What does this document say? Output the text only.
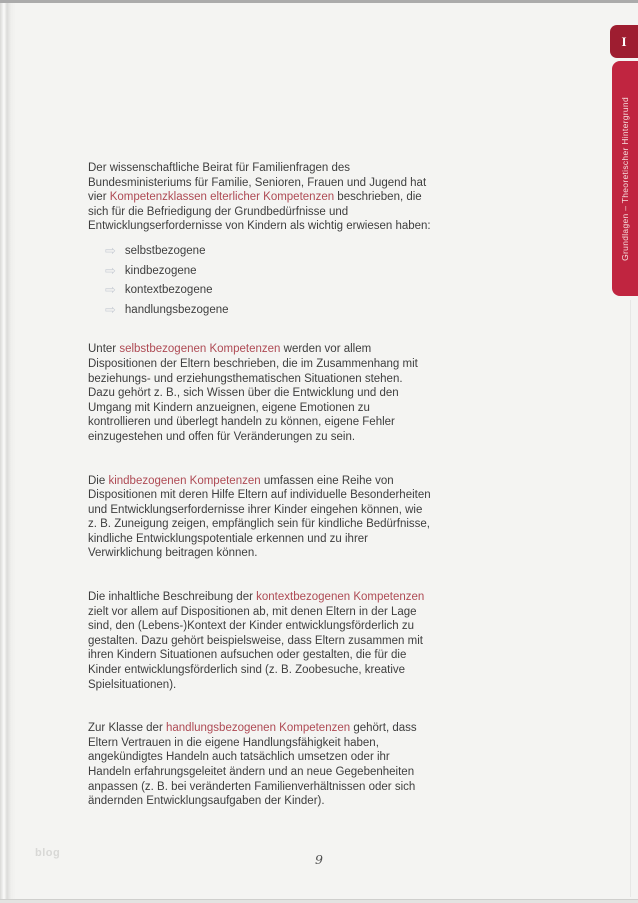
I
Grundlagen – Theoretischer Hintergrund

Der wissenschaftliche Beirat für Familienfragen des Bundesministeriums für Familie, Senioren, Frauen und Jugend hat vier Kompetenzklassen elterlicher Kompetenzen beschrieben, die sich für die Befriedigung der Grundbedürfnisse und Entwicklungserfordernisse von Kindern als wichtig erwiesen haben:

⇨ selbstbezogene
⇨ kindbezogene
⇨ kontextbezogene
⇨ handlungsbezogene

Unter selbstbezogenen Kompetenzen werden vor allem Dispositionen der Eltern beschrieben, die im Zusammenhang mit beziehungs- und erziehungsthematischen Situationen stehen. Dazu gehört z. B., sich Wissen über die Entwicklung und den Umgang mit Kindern anzueignen, eigene Emotionen zu kontrollieren und überlegt handeln zu können, eigene Fehler einzugestehen und offen für Veränderungen zu sein.

Die kindbezogenen Kompetenzen umfassen eine Reihe von Dispositionen mit deren Hilfe Eltern auf individuelle Besonderheiten und Entwicklungserfordernisse ihrer Kinder eingehen können, wie z. B. Zuneigung zeigen, empfänglich sein für kindliche Bedürfnisse, kindliche Entwicklungspotentiale erkennen und zu ihrer Verwirklichung beitragen können.

Die inhaltliche Beschreibung der kontextbezogenen Kompetenzen zielt vor allem auf Dispositionen ab, mit denen Eltern in der Lage sind, den (Lebens-)Kontext der Kinder entwicklungsförderlich zu gestalten. Dazu gehört beispielsweise, dass Eltern zusammen mit ihren Kindern Situationen aufsuchen oder gestalten, die für die Kinder entwicklungsförderlich sind (z. B. Zoobesuche, kreative Spielsituationen).

Zur Klasse der handlungsbezogenen Kompetenzen gehört, dass Eltern Vertrauen in die eigene Handlungsfähigkeit haben, angekündigtes Handeln auch tatsächlich umsetzen oder ihr Handeln erfahrungsgeleitet ändern und an neue Gegebenheiten anpassen (z. B. bei veränderten Familienverhältnissen oder sich ändernden Entwicklungsaufgaben der Kinder).

blog	9
